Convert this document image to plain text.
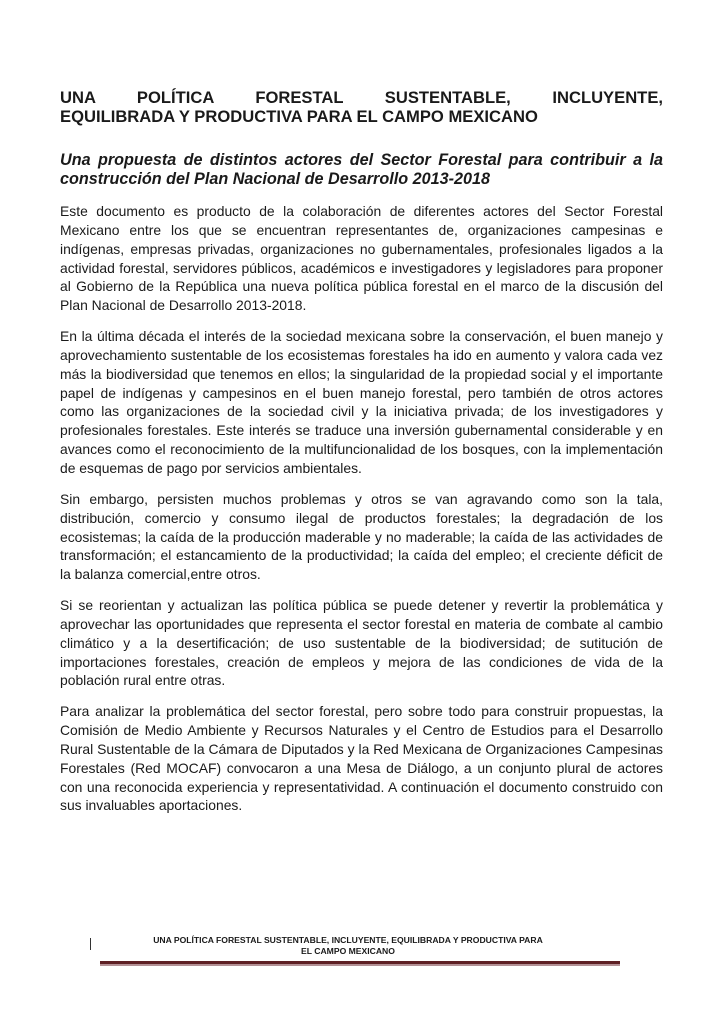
UNA POLÍTICA FORESTAL SUSTENTABLE, INCLUYENTE,
EQUILIBRADA Y PRODUCTIVA PARA EL CAMPO MEXICANO
Una propuesta de distintos actores del Sector Forestal para contribuir a la construcción del Plan Nacional de Desarrollo 2013-2018

Este documento es producto de la colaboración de diferentes actores del Sector Forestal Mexicano entre los que se encuentran representantes de, organizaciones campesinas e indígenas, empresas privadas, organizaciones no gubernamentales, profesionales ligados a la actividad forestal, servidores públicos, académicos e investigadores y legisladores para proponer al Gobierno de la República una nueva política pública forestal en el marco de la discusión del Plan Nacional de Desarrollo 2013-2018.

En la última década el interés de la sociedad mexicana sobre la conservación, el buen manejo y aprovechamiento sustentable de los ecosistemas forestales ha ido en aumento y valora cada vez más la biodiversidad que tenemos en ellos; la singularidad de la propiedad social y el importante papel de indígenas y campesinos en el buen manejo forestal, pero también de otros actores como las organizaciones de la sociedad civil y la iniciativa privada; de los investigadores y profesionales forestales. Este interés se traduce una inversión gubernamental considerable y en avances como el reconocimiento de la multifuncionalidad de los bosques, con la implementación de esquemas de pago por servicios ambientales.

Sin embargo, persisten muchos problemas y otros se van agravando como son la tala, distribución, comercio y consumo ilegal de productos forestales; la degradación de los ecosistemas; la caída de la producción maderable y no maderable; la caída de las actividades de transformación; el estancamiento de la productividad; la caída del empleo; el creciente déficit de la balanza comercial,entre otros.

Si se reorientan y actualizan las política pública se puede detener y revertir la problemática y aprovechar las oportunidades que representa el sector forestal en materia de combate al cambio climático y a la desertificación; de uso sustentable de la biodiversidad; de sutitución de importaciones forestales, creación de empleos y mejora de las condiciones de vida de la población rural entre otras.

Para analizar la problemática del sector forestal, pero sobre todo para construir propuestas, la Comisión de Medio Ambiente y Recursos Naturales y el Centro de Estudios para el Desarrollo Rural Sustentable de la Cámara de Diputados y la Red Mexicana de Organizaciones Campesinas Forestales (Red MOCAF) convocaron a una Mesa de Diálogo, a un conjunto plural de actores con una reconocida experiencia y representatividad. A continuación el documento construido con sus invaluables aportaciones.

UNA POLÍTICA FORESTAL SUSTENTABLE, INCLUYENTE, EQUILIBRADA Y PRODUCTIVA PARA
EL CAMPO MEXICANO
